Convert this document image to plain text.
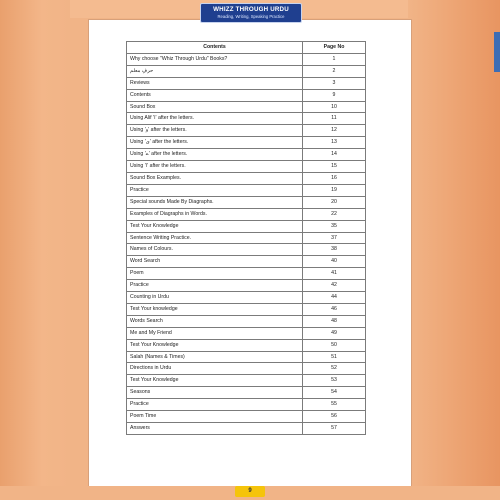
Contents	Page No
Why choose "Whiz Through Urdu" Books?	1
حرفِ معلم	2
Reviews	3
Contents	9
Sound Box	10
Using Alif 'ا' after the letters.	11
Using 'و' after the letters.	12
Using 'ی' after the letters.	13
Using 'ے' after the letters.	14
Using 'ا' after the letters.	15
Sound Box Examples.	16
Practice	19
Special sounds Made By Diagraphs.	20
Examples of Diagraphs in Words.	22
Test Your Knowledge	35
Sentence Writing Practice.	37
Names of Colours.	38
Word Search	40
Poem	41
Practice	42
Counting in Urdu	44
Test Your knowledge	46
Words Search	48
Me and My Friend	49
Test Your Knowledge	50
Salah (Names & Times)	51
Directions in Urdu	52
Test Your Knowledge	53
Seasons	54
Practice	55
Poem Time	56
Answers	57
WHIZZ THROUGH URDU
Reading, Writing, Speaking Practice
9
